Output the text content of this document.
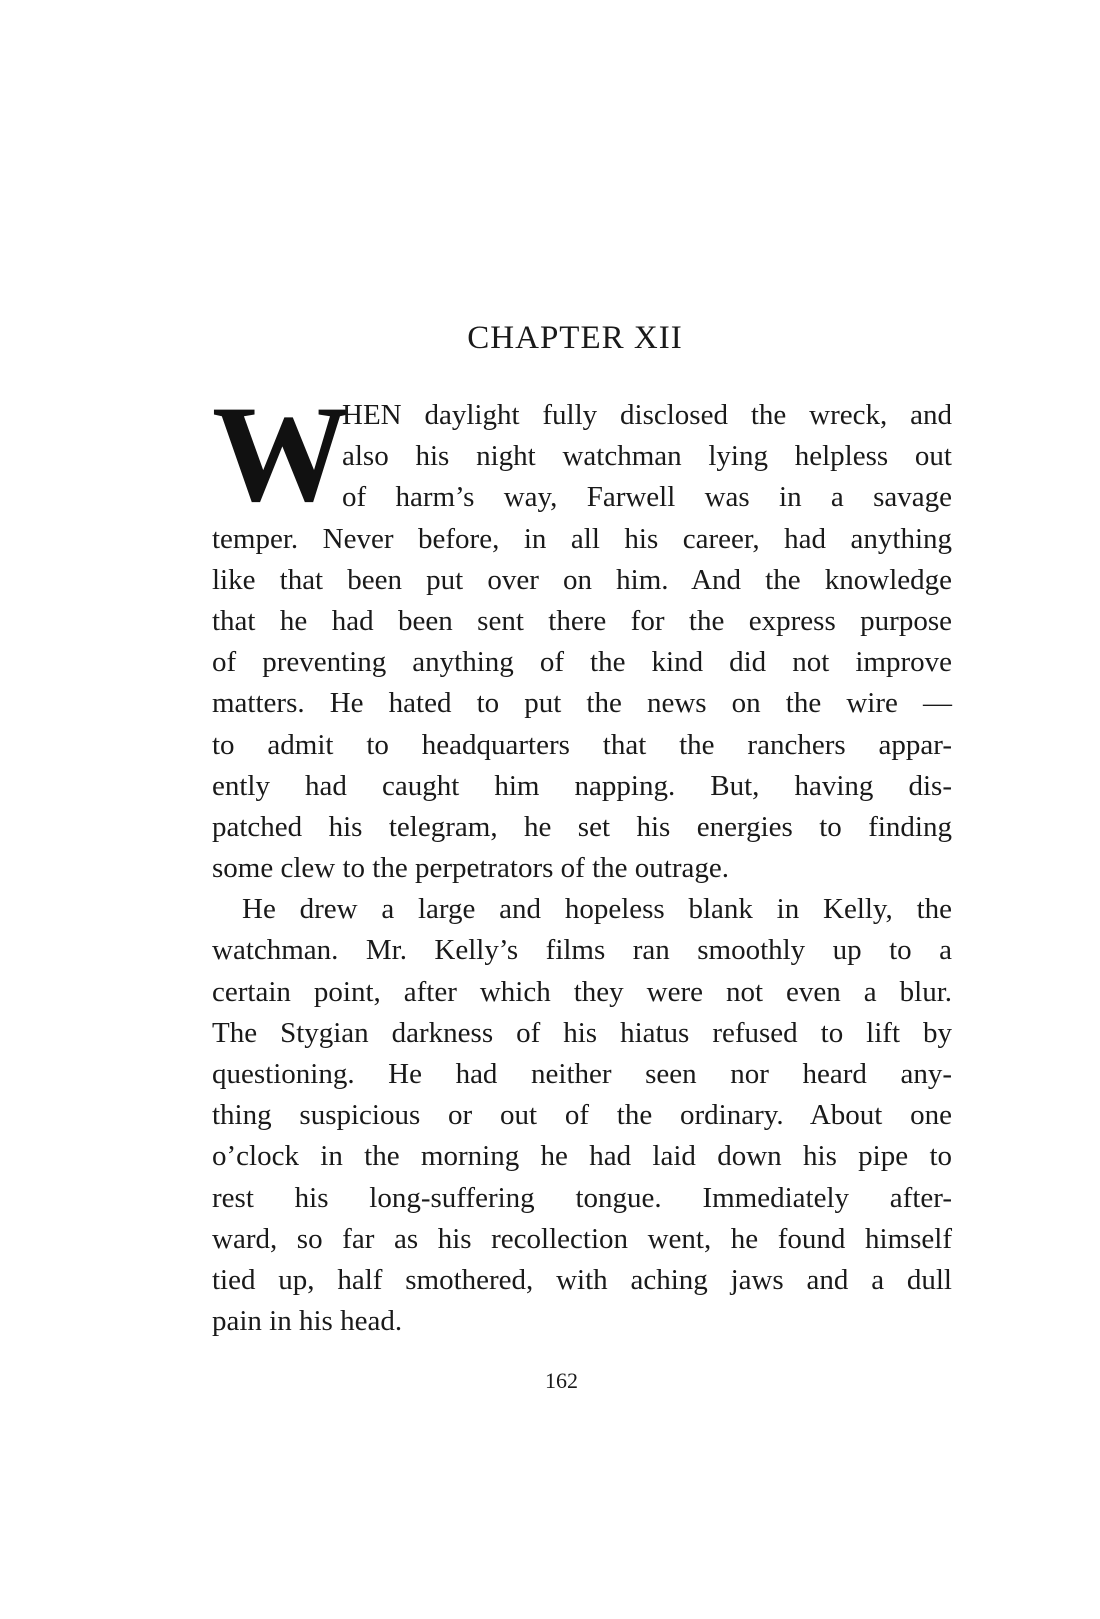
CHAPTER XII
W
HEN daylight fully disclosed the wreck, and
also his night watchman lying helpless out
of harm’s way, Farwell was in a savage
temper. Never before, in all his career, had anything
like that been put over on him. And the knowledge
that he had been sent there for the express purpose
of preventing anything of the kind did not improve
matters. He hated to put the news on the wire —
to admit to headquarters that the ranchers appar-
ently had caught him napping. But, having dis-
patched his telegram, he set his energies to finding
some clew to the perpetrators of the outrage.
He drew a large and hopeless blank in Kelly, the
watchman. Mr. Kelly’s films ran smoothly up to a
certain point, after which they were not even a blur.
The Stygian darkness of his hiatus refused to lift by
questioning. He had neither seen nor heard any-
thing suspicious or out of the ordinary. About one
o’clock in the morning he had laid down his pipe to
rest his long-suffering tongue. Immediately after-
ward, so far as his recollection went, he found himself
tied up, half smothered, with aching jaws and a dull
pain in his head.
162
